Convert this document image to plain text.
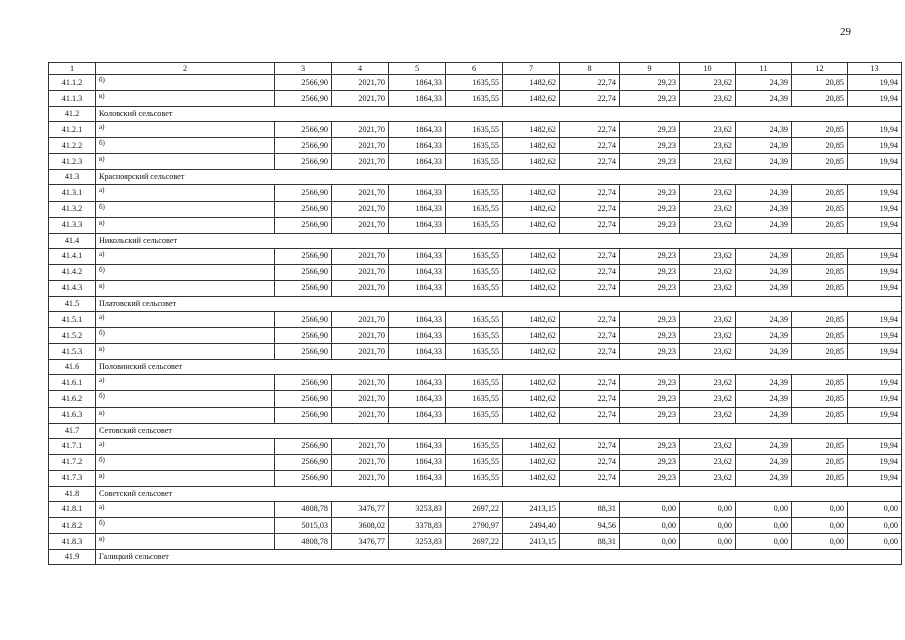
29
1	2	3	4	5	6	7	8	9	10	11	12	13
41.1.2	б)	2566,90	2021,70	1864,33	1635,55	1482,62	22,74	29,23	23,62	24,39	20,85	19,94
41.1.3	в)	2566,90	2021,70	1864,33	1635,55	1482,62	22,74	29,23	23,62	24,39	20,85	19,94
41.2	Коловский сельсовет											
41.2.1	а)	2566,90	2021,70	1864,33	1635,55	1482,62	22,74	29,23	23,62	24,39	20,85	19,94
41.2.2	б)	2566,90	2021,70	1864,33	1635,55	1482,62	22,74	29,23	23,62	24,39	20,85	19,94
41.2.3	в)	2566,90	2021,70	1864,33	1635,55	1482,62	22,74	29,23	23,62	24,39	20,85	19,94
41.3	Красноярский сельсовет											
41.3.1	а)	2566,90	2021,70	1864,33	1635,55	1482,62	22,74	29,23	23,62	24,39	20,85	19,94
41.3.2	б)	2566,90	2021,70	1864,33	1635,55	1482,62	22,74	29,23	23,62	24,39	20,85	19,94
41.3.3	в)	2566,90	2021,70	1864,33	1635,55	1482,62	22,74	29,23	23,62	24,39	20,85	19,94
41.4	Никольский сельсовет											
41.4.1	а)	2566,90	2021,70	1864,33	1635,55	1482,62	22,74	29,23	23,62	24,39	20,85	19,94
41.4.2	б)	2566,90	2021,70	1864,33	1635,55	1482,62	22,74	29,23	23,62	24,39	20,85	19,94
41.4.3	в)	2566,90	2021,70	1864,33	1635,55	1482,62	22,74	29,23	23,62	24,39	20,85	19,94
41.5	Платовский сельсовет											
41.5.1	а)	2566,90	2021,70	1864,33	1635,55	1482,62	22,74	29,23	23,62	24,39	20,85	19,94
41.5.2	б)	2566,90	2021,70	1864,33	1635,55	1482,62	22,74	29,23	23,62	24,39	20,85	19,94
41.5.3	в)	2566,90	2021,70	1864,33	1635,55	1482,62	22,74	29,23	23,62	24,39	20,85	19,94
41.6	Половинский сельсовет											
41.6.1	а)	2566,90	2021,70	1864,33	1635,55	1482,62	22,74	29,23	23,62	24,39	20,85	19,94
41.6.2	б)	2566,90	2021,70	1864,33	1635,55	1482,62	22,74	29,23	23,62	24,39	20,85	19,94
41.6.3	в)	2566,90	2021,70	1864,33	1635,55	1482,62	22,74	29,23	23,62	24,39	20,85	19,94
41.7	Сетовский сельсовет											
41.7.1	а)	2566,90	2021,70	1864,33	1635,55	1482,62	22,74	29,23	23,62	24,39	20,85	19,94
41.7.2	б)	2566,90	2021,70	1864,33	1635,55	1482,62	22,74	29,23	23,62	24,39	20,85	19,94
41.7.3	в)	2566,90	2021,70	1864,33	1635,55	1482,62	22,74	29,23	23,62	24,39	20,85	19,94
41.8	Советский сельсовет											
41.8.1	а)	4808,78	3476,77	3253,83	2697,22	2413,15	88,31	0,00	0,00	0,00	0,00	0,00
41.8.2	б)	5015,03	3608,02	3378,83	2790,97	2494,40	94,56	0,00	0,00	0,00	0,00	0,00
41.8.3	в)	4808,78	3476,77	3253,83	2697,22	2413,15	88,31	0,00	0,00	0,00	0,00	0,00
41.9	Галицкий сельсовет											
